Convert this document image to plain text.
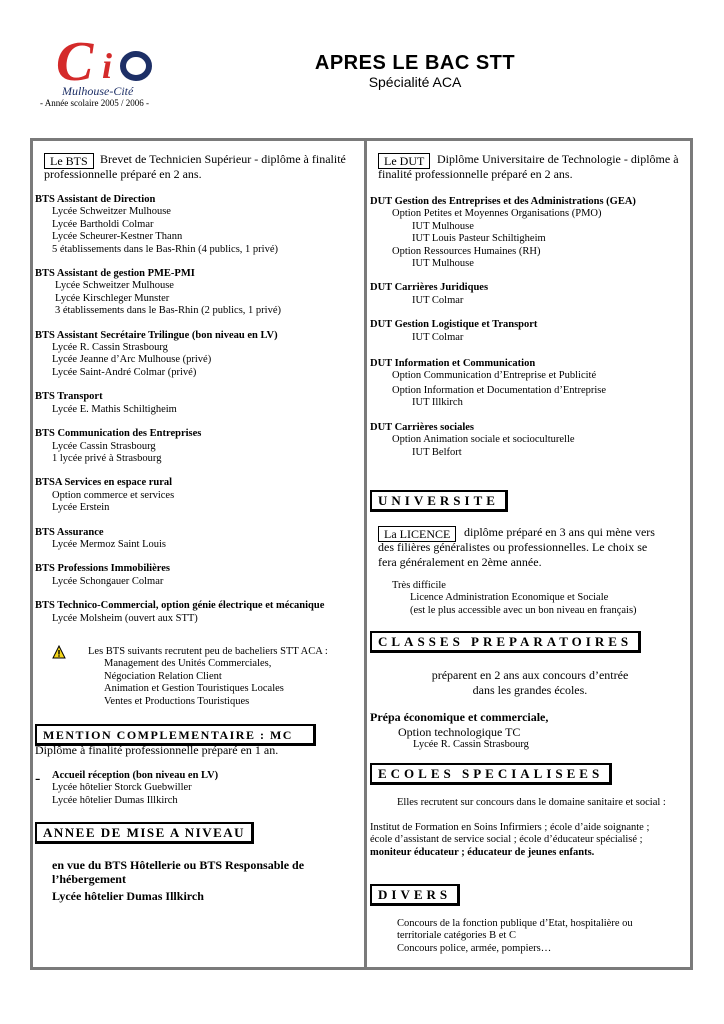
C i
Mulhouse-Cité
- Année scolaire 2005 / 2006 -
APRES LE BAC STT
Spécialité ACA
Le BTS	Brevet de Technicien Supérieur - diplôme à finalité
professionnelle préparé en 2 ans.
BTS Assistant de Direction
Lycée Schweitzer Mulhouse
Lycée Bartholdi Colmar
Lycée Scheurer-Kestner Thann
5 établissements dans le Bas-Rhin (4 publics, 1 privé)
BTS Assistant de gestion PME-PMI
Lycée Schweitzer Mulhouse
Lycée Kirschleger Munster
3 établissements dans le Bas-Rhin (2 publics, 1 privé)
BTS Assistant Secrétaire Trilingue (bon niveau en LV)
Lycée R. Cassin Strasbourg
Lycée Jeanne d’Arc Mulhouse (privé)
Lycée Saint-André Colmar (privé)
BTS Transport
Lycée E. Mathis Schiltigheim
BTS Communication des Entreprises
Lycée Cassin Strasbourg
1 lycée privé à Strasbourg
BTSA Services en espace rural
Option commerce et services
Lycée Erstein
BTS Assurance
Lycée Mermoz Saint Louis
BTS Professions Immobilières
Lycée Schongauer Colmar
BTS Technico-Commercial, option génie électrique et mécanique
Lycée Molsheim (ouvert aux STT)
Les BTS suivants recrutent peu de bacheliers STT ACA :
Management des Unités Commerciales,
Négociation Relation Client
Animation et Gestion Touristiques Locales
Ventes et Productions Touristiques
MENTION COMPLEMENTAIRE : MC
Diplôme à finalité professionnelle préparé en 1 an.
- Accueil réception (bon niveau en LV)
Lycée hôtelier Storck Guebwiller
Lycée hôtelier Dumas Illkirch
ANNEE DE MISE A NIVEAU
en vue du BTS Hôtellerie ou BTS Responsable de
l’hébergement
Lycée hôtelier Dumas Illkirch
Le DUT	Diplôme Universitaire de Technologie - diplôme à
finalité professionnelle préparé en 2 ans.
DUT Gestion des Entreprises et des Administrations (GEA)
Option Petites et Moyennes Organisations (PMO)
IUT Mulhouse
IUT Louis Pasteur Schiltigheim
Option Ressources Humaines (RH)
IUT Mulhouse
DUT Carrières Juridiques
IUT Colmar
DUT Gestion Logistique et Transport
IUT Colmar
DUT Information et Communication
Option Communication d’Entreprise et Publicité
Option Information et Documentation d’Entreprise
IUT Illkirch
DUT Carrières sociales
Option Animation sociale et socioculturelle
IUT Belfort
UNIVERSITE
La LICENCE	diplôme préparé en 3 ans qui mène vers
des filières généralistes ou professionnelles. Le choix se
fera généralement en 2ème année.
Très difficile
Licence Administration Economique et Sociale
(est le plus accessible avec un bon niveau en français)
CLASSES PREPARATOIRES
préparent en 2 ans aux concours d’entrée
dans les grandes écoles.
Prépa économique et commerciale,
Option technologique TC
Lycée R. Cassin Strasbourg
ECOLES SPECIALISEES
Elles recrutent sur concours dans le domaine sanitaire et social :
Institut de Formation en Soins Infirmiers ; école d’aide soignante ;
école d’assistant de service social ; école d’éducateur spécialisé ;
moniteur éducateur ; éducateur de jeunes enfants.
DIVERS
Concours de la fonction publique d’Etat, hospitalière ou
territoriale catégories B et C
Concours police, armée, pompiers…
